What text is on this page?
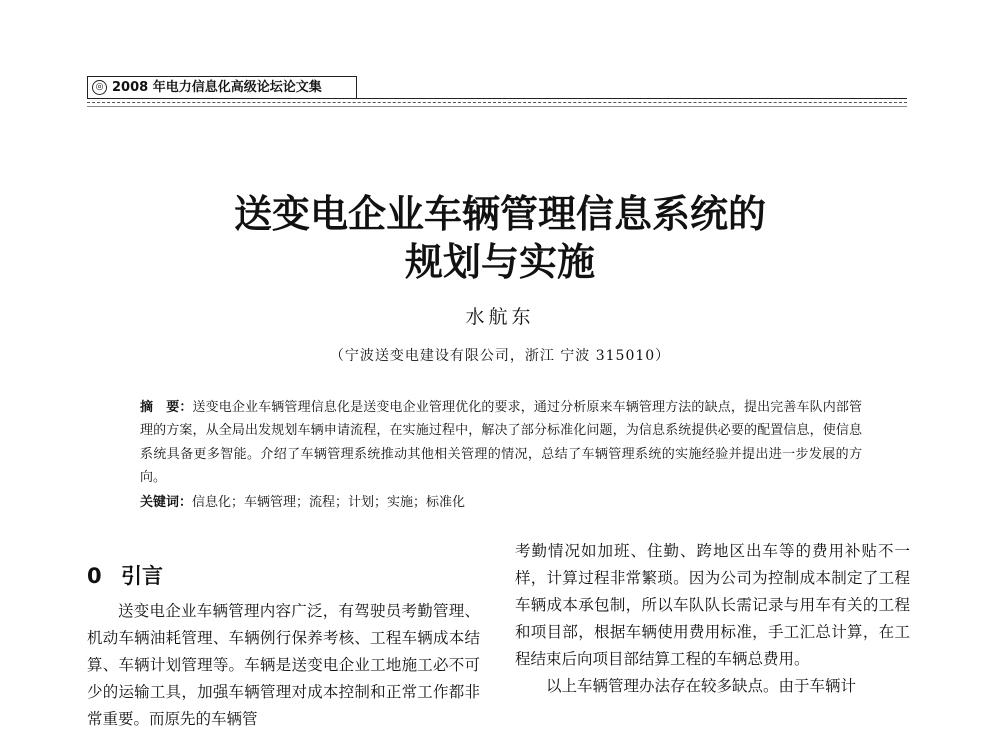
◎ 2008 年电力信息化高级论坛论文集
送变电企业车辆管理信息系统的
规划与实施
水航东
（宁波送变电建设有限公司，浙江 宁波 315010）
摘　要：送变电企业车辆管理信息化是送变电企业管理优化的要求，通过分析原来车辆管理方法的缺点，提出完善车队内部管理的方案，从全局出发规划车辆申请流程，在实施过程中，解决了部分标准化问题，为信息系统提供必要的配置信息，使信息系统具备更多智能。介绍了车辆管理系统推动其他相关管理的情况，总结了车辆管理系统的实施经验并提出进一步发展的方向。
关键词：信息化；车辆管理；流程；计划；实施；标准化
0 引言

送变电企业车辆管理内容广泛，有驾驶员考勤管理、机动车辆油耗管理、车辆例行保养考核、工程车辆成本结算、车辆计划管理等。车辆是送变电企业工地施工必不可少的运输工具，加强车辆管理对成本控制和正常工作都非常重要。而原先的车辆管

考勤情况如加班、住勤、跨地区出车等的费用补贴不一样，计算过程非常繁琐。因为公司为控制成本制定了工程车辆成本承包制，所以车队队长需记录与用车有关的工程和项目部，根据车辆使用费用标准，手工汇总计算，在工程结束后向项目部结算工程的车辆总费用。

以上车辆管理办法存在较多缺点。由于车辆计
